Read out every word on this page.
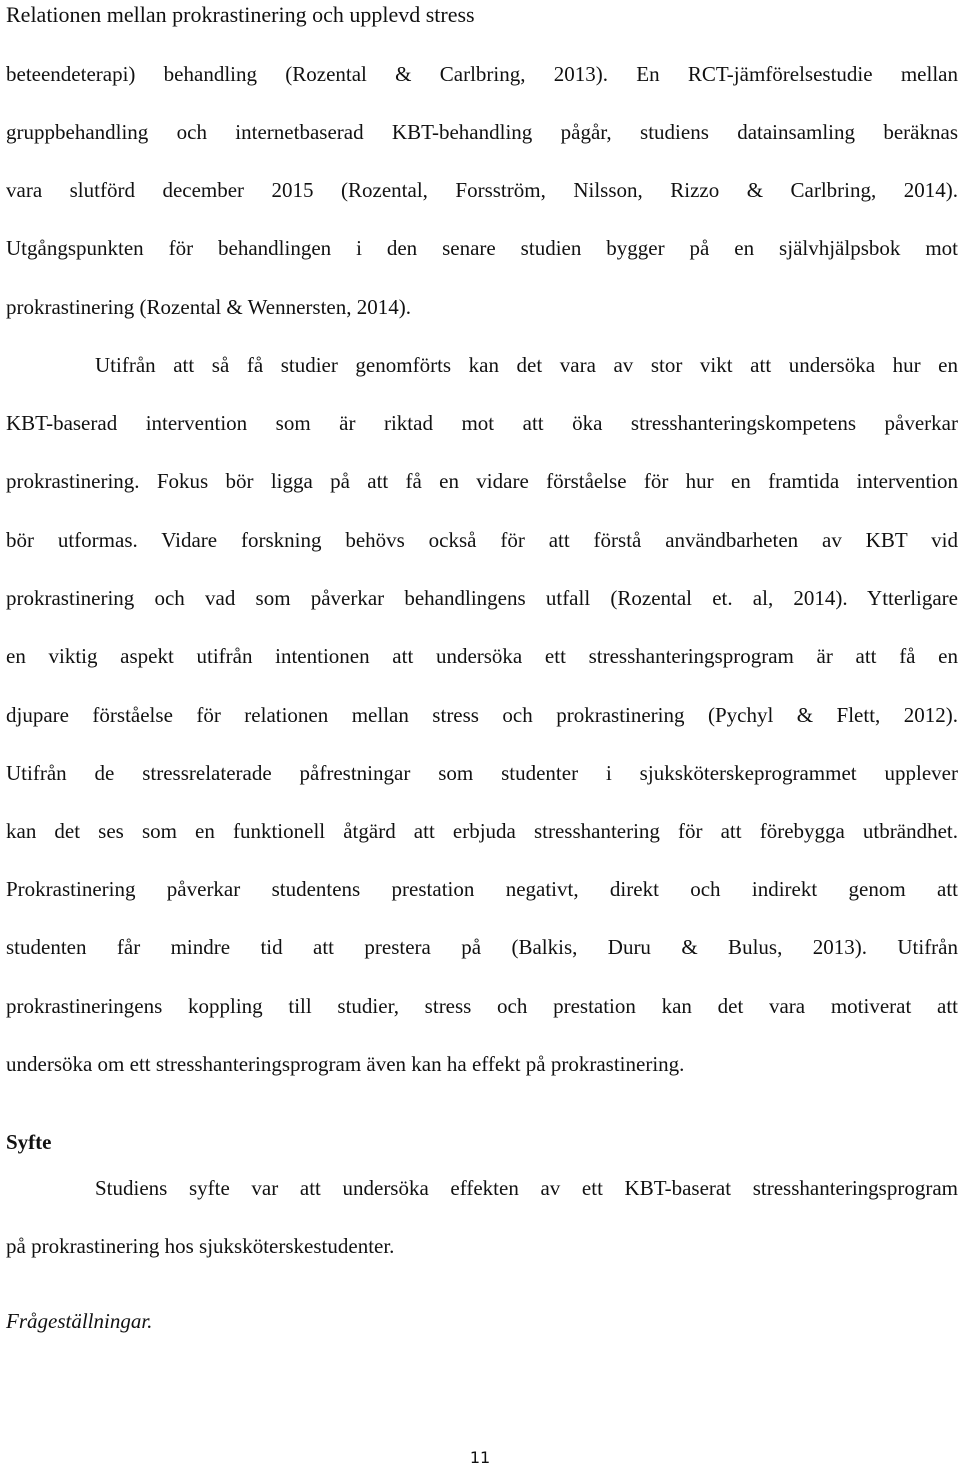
Relationen mellan prokrastinering och upplevd stress
beteendeterapi) behandling (Rozental & Carlbring, 2013). En RCT-jämförelsestudie mellan
gruppbehandling och internetbaserad KBT-behandling pågår, studiens datainsamling beräknas
vara slutförd december 2015 (Rozental, Forsström, Nilsson, Rizzo & Carlbring, 2014).
Utgångspunkten för behandlingen i den senare studien bygger på en självhjälpsbok mot
prokrastinering (Rozental & Wennersten, 2014).
Utifrån att så få studier genomförts kan det vara av stor vikt att undersöka hur en
KBT-baserad intervention som är riktad mot att öka stresshanteringskompetens påverkar
prokrastinering. Fokus bör ligga på att få en vidare förståelse för hur en framtida intervention
bör utformas. Vidare forskning behövs också för att förstå användbarheten av KBT vid
prokrastinering och vad som påverkar behandlingens utfall (Rozental et. al, 2014). Ytterligare
en viktig aspekt utifrån intentionen att undersöka ett stresshanteringsprogram är att få en
djupare förståelse för relationen mellan stress och prokrastinering (Pychyl & Flett, 2012).
Utifrån de stressrelaterade påfrestningar som studenter i sjuksköterskeprogrammet upplever
kan det ses som en funktionell åtgärd att erbjuda stresshantering för att förebygga utbrändhet.
Prokrastinering påverkar studentens prestation negativt, direkt och indirekt genom att
studenten får mindre tid att prestera på (Balkis, Duru & Bulus, 2013). Utifrån
prokrastineringens koppling till studier, stress och prestation kan det vara motiverat att
undersöka om ett stresshanteringsprogram även kan ha effekt på prokrastinering.
Syfte
Studiens syfte var att undersöka effekten av ett KBT-baserat stresshanteringsprogram
på prokrastinering hos sjuksköterskestudenter.
Frågeställningar.
11
